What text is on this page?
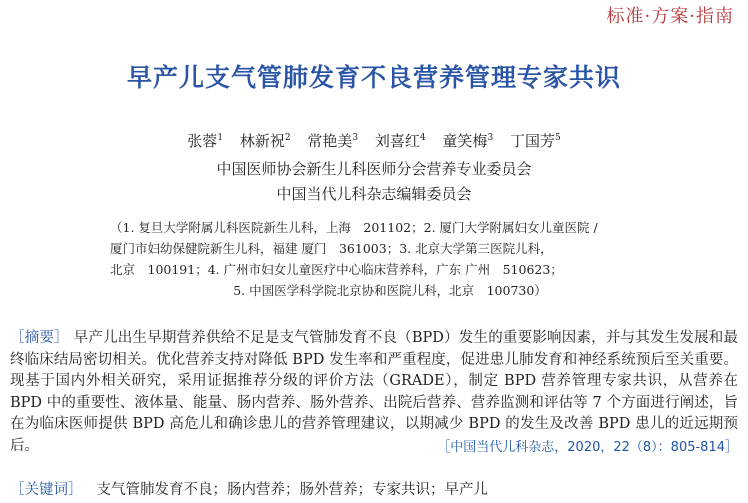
标准·方案·指南
早产儿支气管肺发育不良营养管理专家共识
张蓉$^1$ 林新祝$^2$ 常艳美$^3$ 刘喜红$^4$ 童笑梅$^3$ 丁国芳$^5$
中国医师协会新生儿科医师分会营养专业委员会
中国当代儿科杂志编辑委员会
（1. 复旦大学附属儿科医院新生儿科，上海　201102；2. 厦门大学附属妇女儿童医院 /
厦门市妇幼保健院新生儿科，福建 厦门　361003；3. 北京大学第三医院儿科，
北京　100191；4. 广州市妇女儿童医疗中心临床营养科，广东 广州　510623；
5. 中国医学科学院北京协和医院儿科，北京　100730）
［摘要］ 早产儿出生早期营养供给不足是支气管肺发育不良（BPD）发生的重要影响因素，并与其发生发展和最终临床结局密切相关。优化营养支持对降低 BPD 发生率和严重程度，促进患儿肺发育和神经系统预后至关重要。现基于国内外相关研究，采用证据推荐分级的评价方法（GRADE），制定 BPD 营养管理专家共识，从营养在 BPD 中的重要性、液体量、能量、肠内营养、肠外营养、出院后营养、营养监测和评估等 7 个方面进行阐述，旨在为临床医师提供 BPD 高危儿和确诊患儿的营养管理建议，以期减少 BPD 的发生及改善 BPD 患儿的近远期预后。	［中国当代儿科杂志，2020，22（8）：805-814］
［关键词］ 支气管肺发育不良；肠内营养；肠外营养；专家共识；早产儿
